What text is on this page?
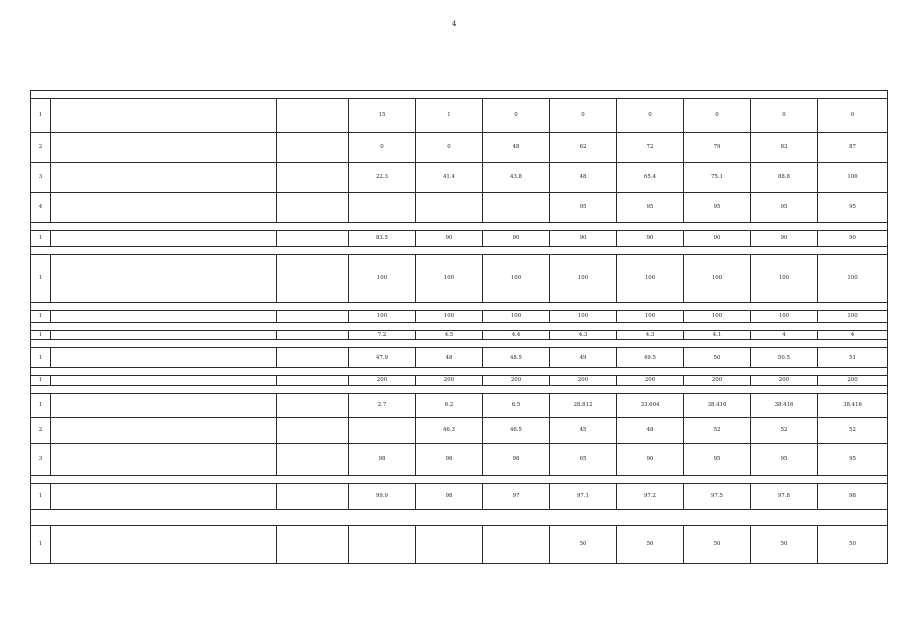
4

1			15	1	0	0	0	0	0	0
2			0	0	48	62	72	79	83	87
3			22.3	41.4	43.8	48	65.4	75.1	88.8	100
4						95	95	95	95	95

1			83.5	90	90	90	90	90	90	90

1			100	100	100	100	100	100	100	100

1			100	100	100	100	100	100	100	100

1			7.2	4.5	4.4	4.3	4.3	4.1	4	4

1			47.9	48	48.5	49	49.5	50	50.5	51

1			200	200	200	200	200	200	200	200

1			2.7	6.2	6.5	28.812	33.604	38.416	38.416	38.416
2				46.3	46.5	45	48	52	52	52
3			98	98	98	65	90	95	95	95

1			99.9	98	97	97.1	97.2	97.5	97.8	98

1						50	50	50	50	50
